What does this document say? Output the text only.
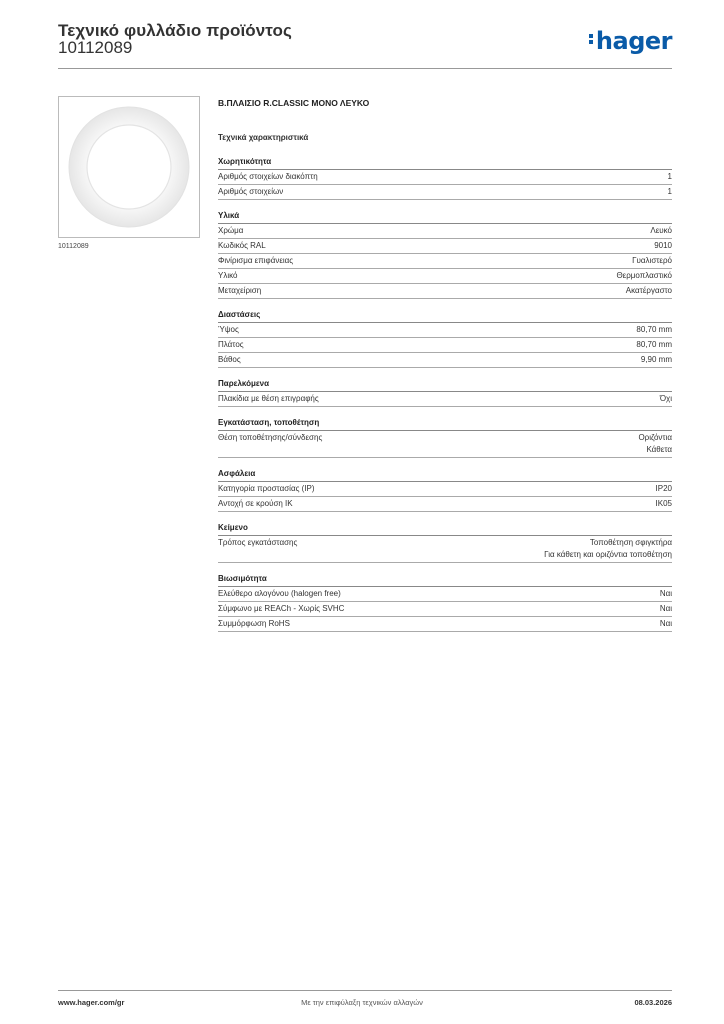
Τεχνικό φυλλάδιο προϊόντος
10112089	hager
10112089
Β.ΠΛΑΙΣΙΟ R.CLASSIC ΜΟΝΟ ΛΕΥΚΟ
Τεχνικά χαρακτηριστικά
Χωρητικότητα
Αριθμός στοιχείων διακόπτη	1
Αριθμός στοιχείων	1
Υλικά
Χρώμα	Λευκό
Κωδικός RAL	9010
Φινίρισμα επιφάνειας	Γυαλιστερό
Υλικό	Θερμοπλαστικό
Μεταχείριση	Ακατέργαστο
Διαστάσεις
Ύψος	80,70 mm
Πλάτος	80,70 mm
Βάθος	9,90 mm
Παρελκόμενα
Πλακίδια με θέση επιγραφής	Όχι
Εγκατάσταση, τοποθέτηση
Θέση τοποθέτησης/σύνδεσης	Οριζόντια
Κάθετα
Ασφάλεια
Κατηγορία προστασίας (IP)	IP20
Αντοχή σε κρούση IK	IK05
Κείμενο
Τρόπος εγκατάστασης	Τοποθέτηση σφιγκτήρα
Για κάθετη και οριζόντια τοποθέτηση
Βιωσιμότητα
Ελεύθερο αλογόνου (halogen free)	Ναι
Σύμφωνο με REACh - Χωρίς SVHC	Ναι
Συμμόρφωση RoHS	Ναι
www.hager.com/gr	Με την επιφύλαξη τεχνικών αλλαγών	08.03.2026
